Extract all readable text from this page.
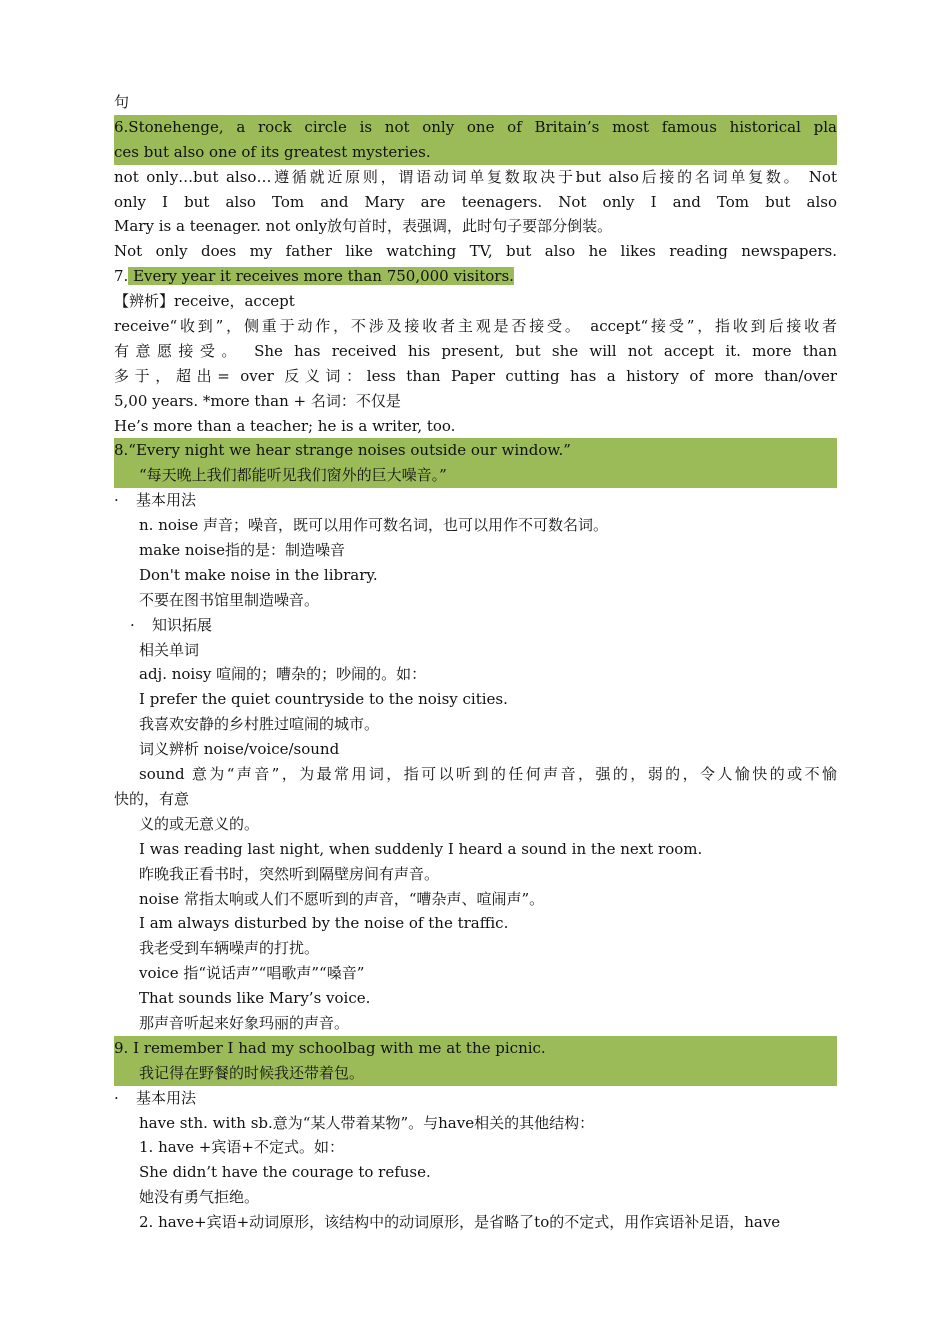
句
6.Stonehenge, a rock circle is not only one of Britain’s most famous historical pla
ces but also one of its greatest mysteries.
not only…but also…遵循就近原则，谓语动词单复数取决于but also后接的名词单复数。 Not
only I but also Tom and Mary are teenagers. Not only I and Tom but also
Mary is a teenager. not only放句首时，表强调，此时句子要部分倒装。
Not only does my father like watching TV, but also he likes reading newspapers.
7. Every year it receives more than 750,000 visitors.
【辨析】receive，accept
receive“收到”，侧重于动作，不涉及接收者主观是否接受。 accept“接受”，指收到后接收者
有意愿接受。 She has received his present, but she will not accept it. more than
多于，超出= over 反义词：less than Paper cutting has a history of more than/over
5,00 years. *more than + 名词：不仅是
He’s more than a teacher; he is a writer, too.
8.“Every night we hear strange noises outside our window.”
“每天晚上我们都能听见我们窗外的巨大噪音。”
· 基本用法
n. noise 声音；噪音，既可以用作可数名词，也可以用作不可数名词。
make noise指的是：制造噪音
Don't make noise in the library.
不要在图书馆里制造噪音。
· 知识拓展
相关单词
adj. noisy 喧闹的；嘈杂的；吵闹的。如：
I prefer the quiet countryside to the noisy cities.
我喜欢安静的乡村胜过喧闹的城市。
词义辨析 noise/voice/sound
sound 意为“声音”，为最常用词，指可以听到的任何声音，强的，弱的，令人愉快的或不愉
快的，有意
义的或无意义的。
I was reading last night, when suddenly I heard a sound in the next room.
昨晚我正看书时，突然听到隔壁房间有声音。
noise 常指太响或人们不愿听到的声音，“嘈杂声、喧闹声”。
I am always disturbed by the noise of the traffic.
我老受到车辆噪声的打扰。
voice 指“说话声”“唱歌声”“嗓音”
That sounds like Mary’s voice.
那声音听起来好象玛丽的声音。
9. I remember I had my schoolbag with me at the picnic.
我记得在野餐的时候我还带着包。
· 基本用法
have sth. with sb.意为“某人带着某物”。与have相关的其他结构：
1. have +宾语+不定式。如：
She didn’t have the courage to refuse.
她没有勇气拒绝。
2. have+宾语+动词原形，该结构中的动词原形，是省略了to的不定式，用作宾语补足语，have
